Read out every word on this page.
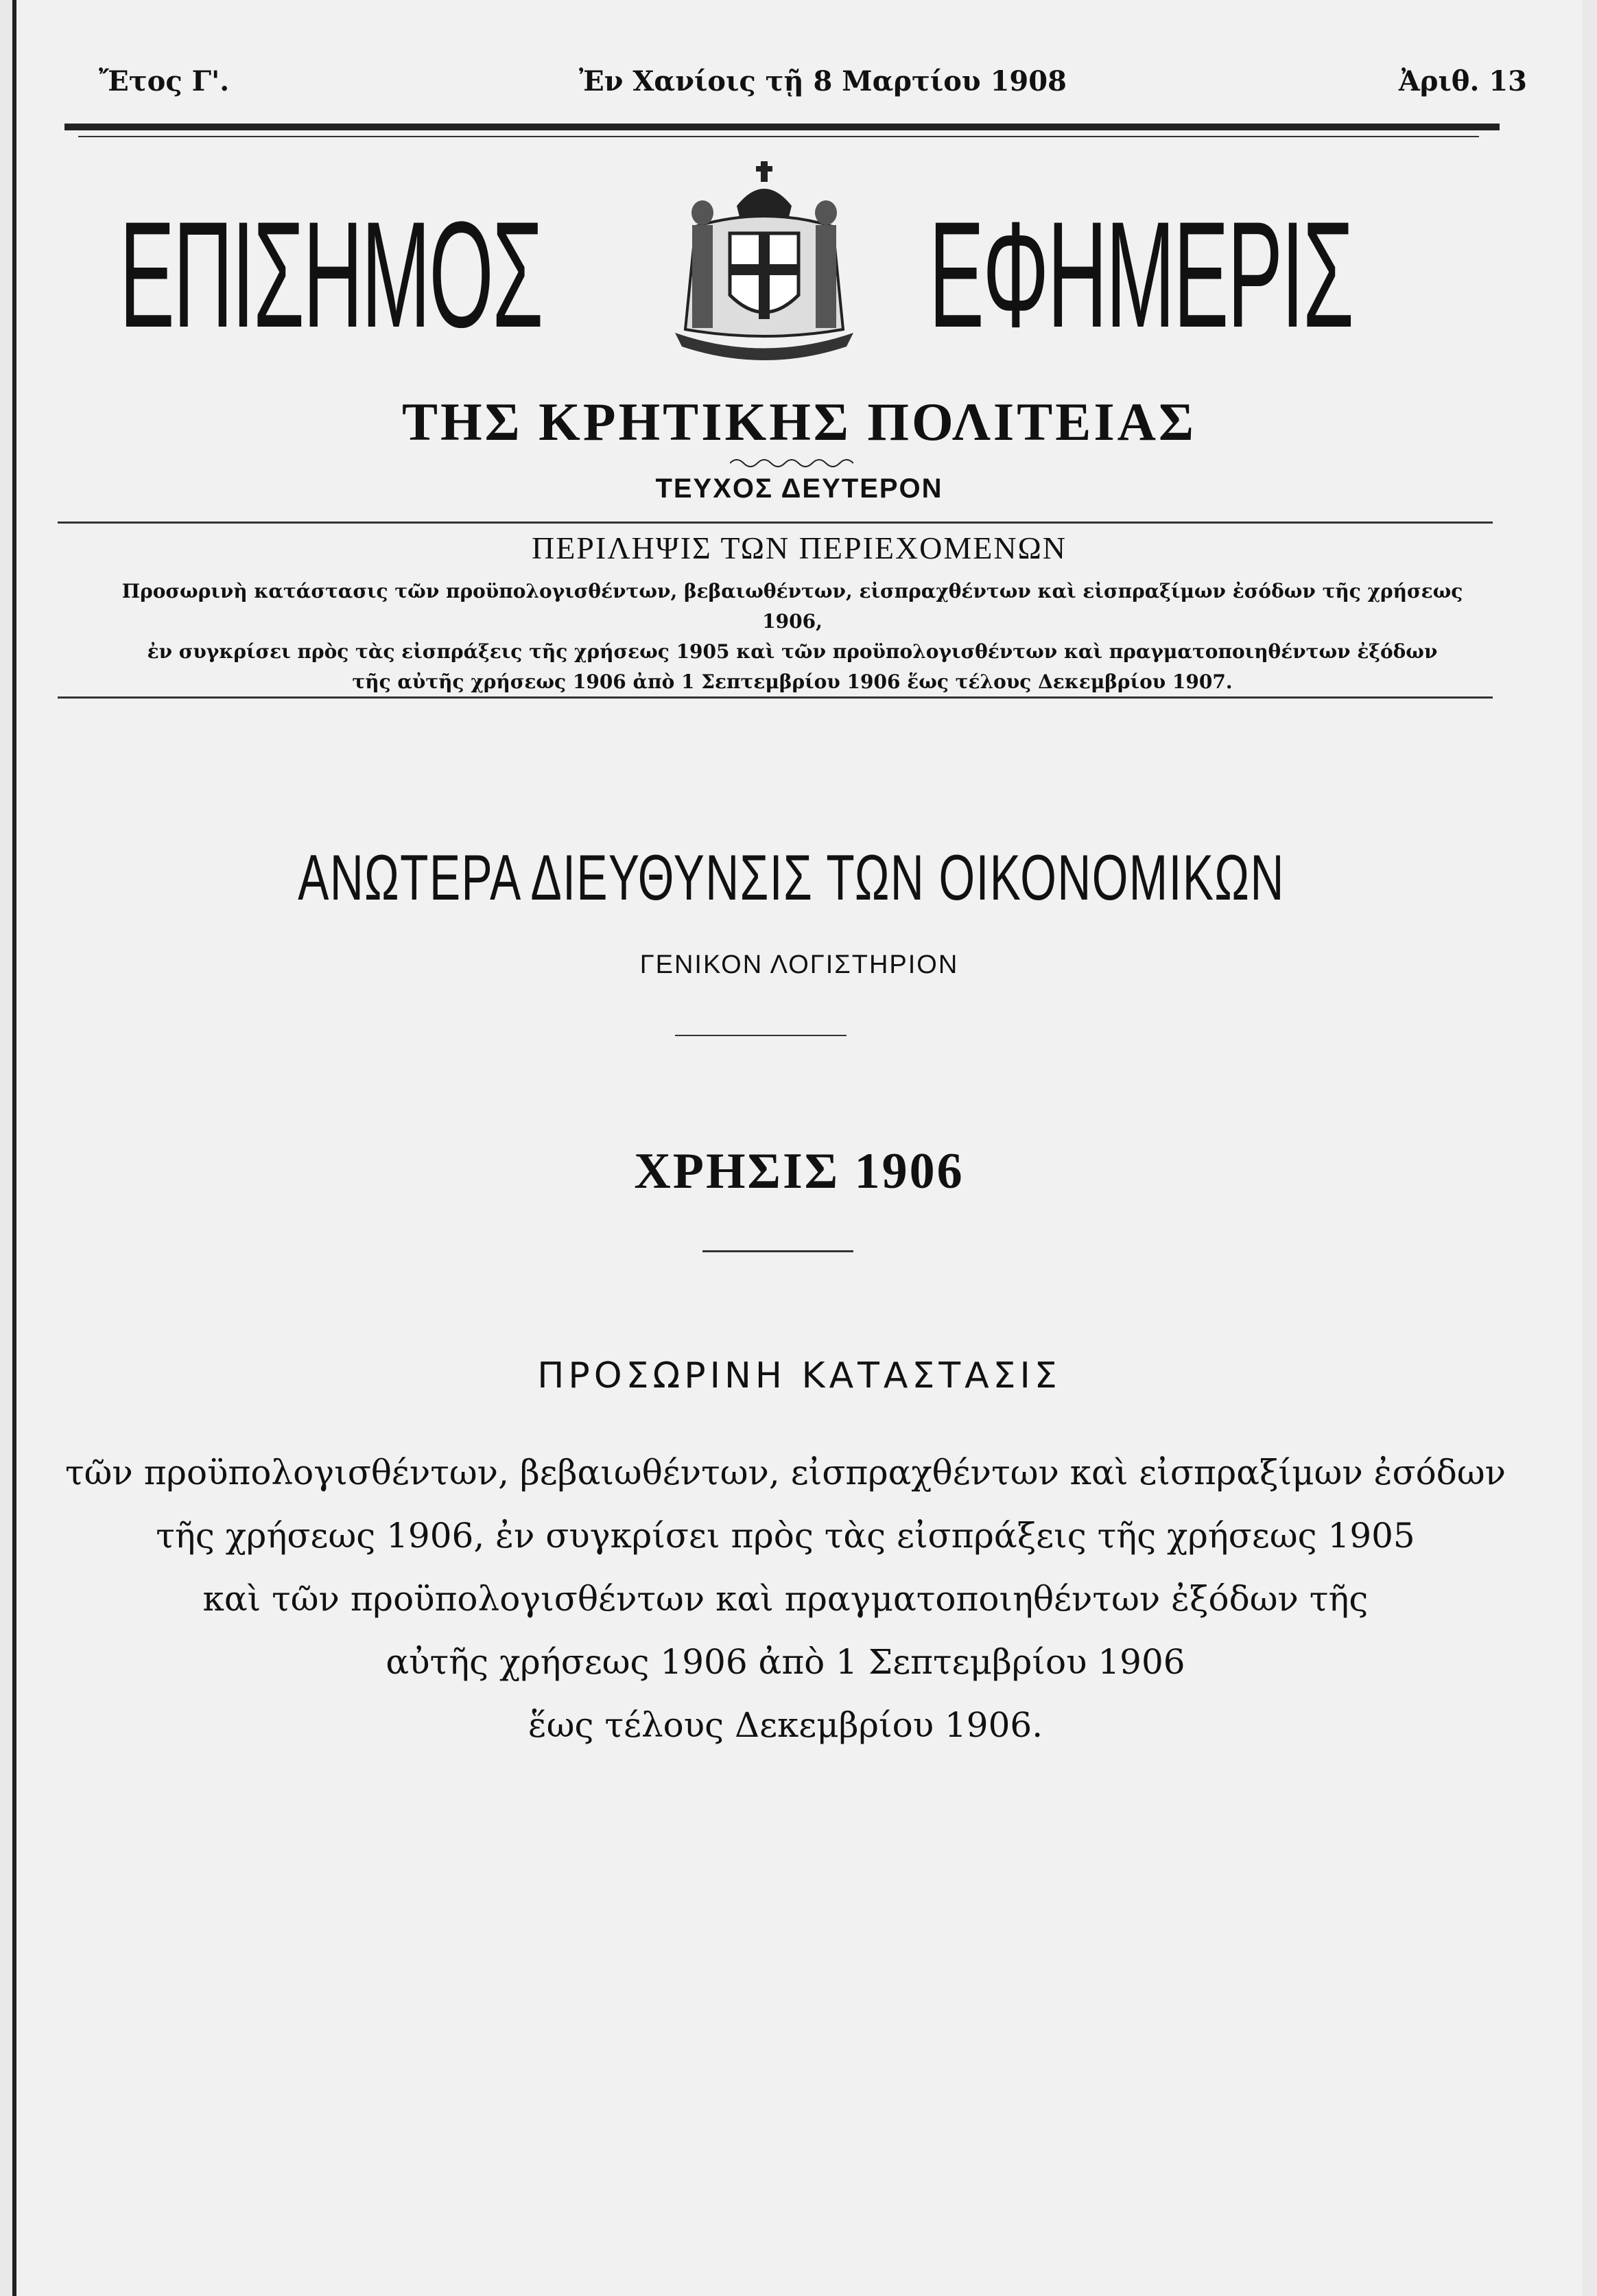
Ἔτος Γ'.	Ἐν Χανίοις τῇ 8 Μαρτίου 1908	Ἀριθ. 13
ΕΠΙΣΗΜΟΣ	ΕΦΗΜΕΡΙΣ
ΤΗΣ ΚΡΗΤΙΚΗΣ ΠΟΛΙΤΕΙΑΣ
ΤΕΥΧΟΣ ΔΕΥΤΕΡΟΝ
ΠΕΡΙΛΗΨΙΣ ΤΩΝ ΠΕΡΙΕΧΟΜΕΝΩΝ
Προσωρινὴ κατάστασις τῶν προϋπολογισθέντων, βεβαιωθέντων, εἰσπραχθέντων καὶ εἰσπραξίμων ἐσόδων τῆς χρήσεως 1906,
ἐν συγκρίσει πρὸς τὰς εἰσπράξεις τῆς χρήσεως 1905 καὶ τῶν προϋπολογισθέντων καὶ πραγματοποιηθέντων ἐξόδων
τῆς αὐτῆς χρήσεως 1906 ἀπὸ 1 Σεπτεμβρίου 1906 ἕως τέλους Δεκεμβρίου 1907.
ΑΝΩΤΕΡΑ ΔΙΕΥΘΥΝΣΙΣ ΤΩΝ ΟΙΚΟΝΟΜΙΚΩΝ
ΓΕΝΙΚΟΝ ΛΟΓΙΣΤΗΡΙΟΝ
ΧΡΗΣΙΣ 1906
ΠΡΟΣΩΡΙΝΗ ΚΑΤΑΣΤΑΣΙΣ
τῶν προϋπολογισθέντων, βεβαιωθέντων, εἰσπραχθέντων καὶ εἰσπραξίμων ἐσόδων
τῆς χρήσεως 1906, ἐν συγκρίσει πρὸς τὰς εἰσπράξεις τῆς χρήσεως 1905
καὶ τῶν προϋπολογισθέντων καὶ πραγματοποιηθέντων ἐξόδων τῆς
αὐτῆς χρήσεως 1906 ἀπὸ 1 Σεπτεμβρίου 1906
ἕως τέλους Δεκεμβρίου 1906.
